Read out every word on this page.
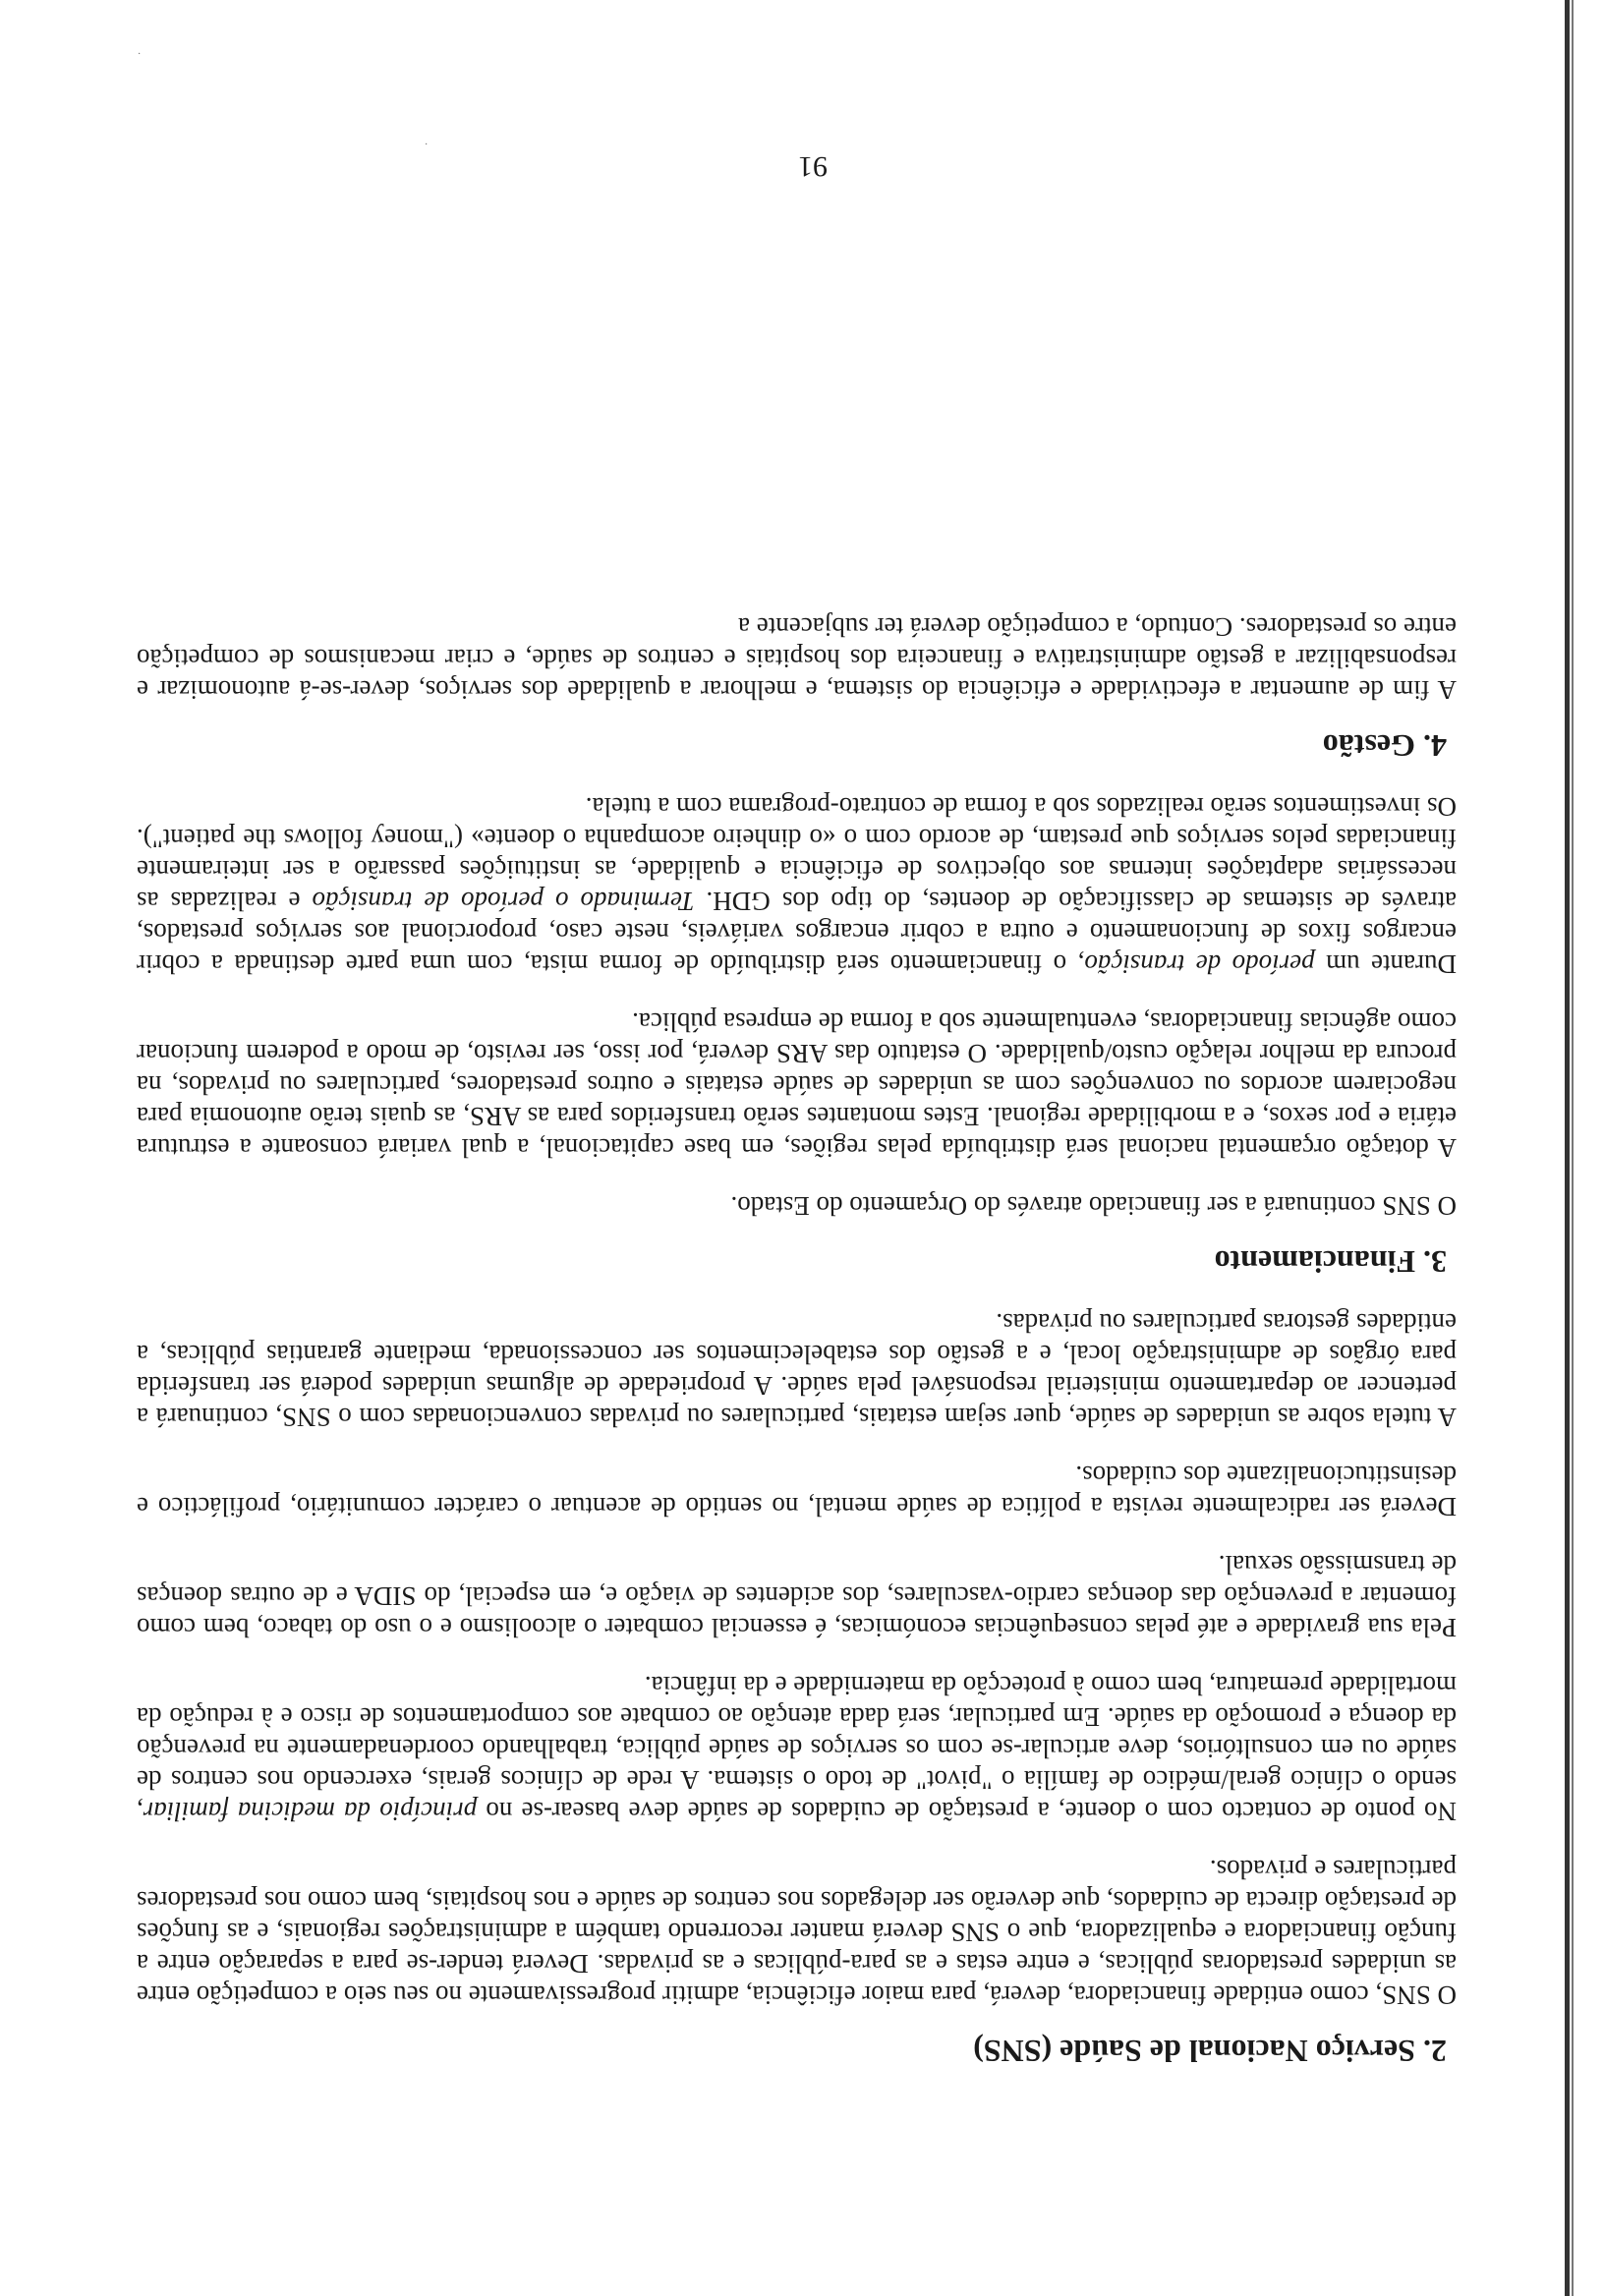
·
·
2. Serviço Nacional de Saúde (SNS)

O SNS, como entidade financiadora, deverá, para maior eficiência, admitir progressivamente no seu seio a competição entre as unidades prestadoras públicas, e entre estas e as para-públicas e as privadas. Deverá tender-se para a separação entre a função financiadora e equalizadora, que o SNS deverá manter recorrendo também a administrações regionais, e as funções de prestação directa de cuidados, que deverão ser delegados nos centros de saúde e nos hospitais, bem como nos prestadores particulares e privados.

No ponto de contacto com o doente, a prestação de cuidados de saúde deve basear-se no princípio da medicina familiar, sendo o clínico geral/médico de família o "pivot" de todo o sistema. A rede de clínicos gerais, exercendo nos centros de saúde ou em consultórios, deve articular-se com os serviços de saúde pública, trabalhando coordenadamente na prevenção da doença e promoção da saúde. Em particular, será dada atenção ao combate aos comportamentos de risco e à redução da mortalidade prematura, bem como à protecção da maternidade e da infância.

Pela sua gravidade e até pelas consequências económicas, é essencial combater o alcoolismo e o uso do tabaco, bem como fomentar a prevenção das doenças cardio-vasculares, dos acidentes de viação e, em especial, do SIDA e de outras doenças de transmissão sexual.

Deverá ser radicalmente revista a política de saúde mental, no sentido de acentuar o carácter comunitário, profiláctico e desinstitucionalizante dos cuidados.

A tutela sobre as unidades de saúde, quer sejam estatais, particulares ou privadas convencionadas com o SNS, continuará a pertencer ao departamento ministerial responsável pela saúde. A propriedade de algumas unidades poderá ser transferida para órgãos de administração local, e a gestão dos estabelecimentos ser concessionada, mediante garantias públicas, a entidades gestoras particulares ou privadas.

3. Financiamento

O SNS continuará a ser financiado através do Orçamento do Estado.

A dotação orçamental nacional será distribuída pelas regiões, em base capitacional, a qual variará consoante a estrutura etária e por sexos, e a morbilidade regional. Estes montantes serão transferidos para as ARS, as quais terão autonomia para negociarem acordos ou convenções com as unidades de saúde estatais e outros prestadores, particulares ou privados, na procura da melhor relação custo/qualidade. O estatuto das ARS deverá, por isso, ser revisto, de modo a poderem funcionar como agências financiadoras, eventualmente sob a forma de empresa pública.

Durante um período de transição, o financiamento será distribuído de forma mista, com uma parte destinada a cobrir encargos fixos de funcionamento e outra a cobrir encargos variáveis, neste caso, proporcional aos serviços prestados, através de sistemas de classificação de doentes, do tipo dos GDH. Terminado o período de transição e realizadas as necessárias adaptações internas aos objectivos de eficiência e qualidade, as instituições passarão a ser inteiramente financiadas pelos serviços que prestam, de acordo com o «o dinheiro acompanha o doente» ("money follows the patient"). Os investimentos serão realizados sob a forma de contrato-programa com a tutela.

4. Gestão

A fim de aumentar a efectividade e eficiência do sistema, e melhorar a qualidade dos serviços, dever-se-á autonomizar e responsabilizar a gestão administrativa e financeira dos hospitais e centros de saúde, e criar mecanismos de competição entre os prestadores. Contudo, a competição deverá ter subjacente a

91
